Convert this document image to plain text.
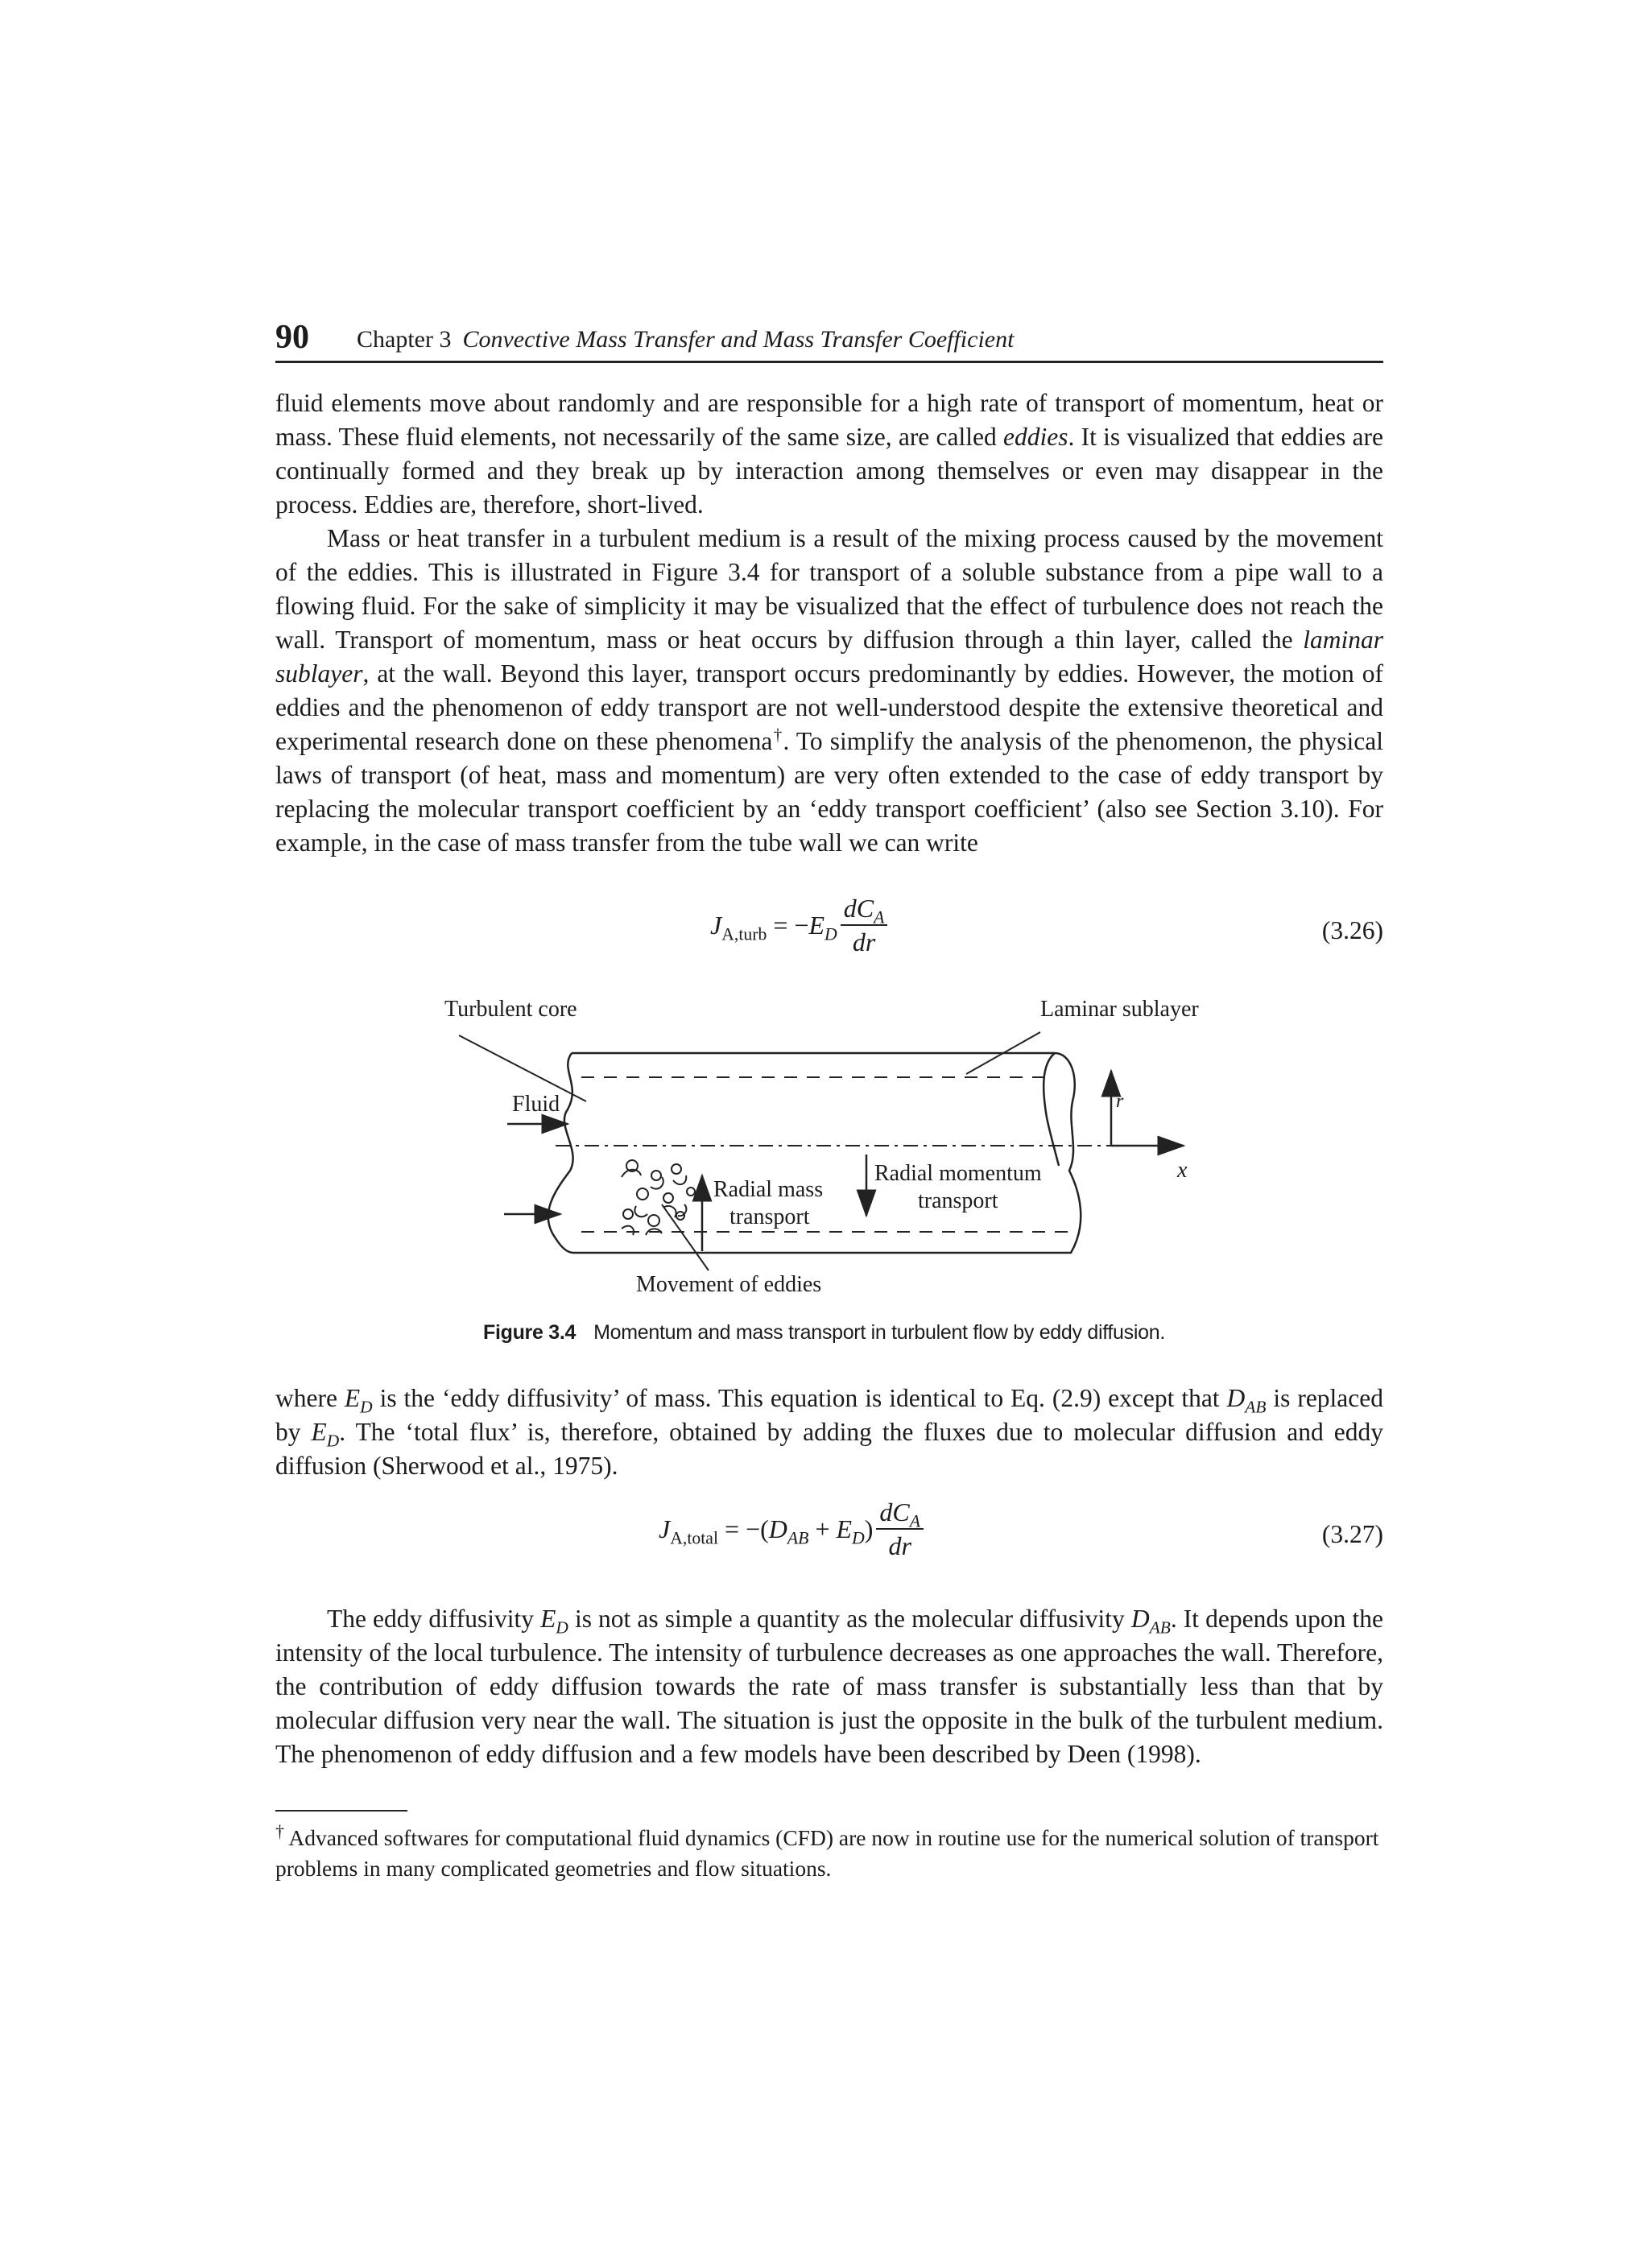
90 Chapter 3 Convective Mass Transfer and Mass Transfer Coefficient

fluid elements move about randomly and are responsible for a high rate of transport of momentum, heat or mass. These fluid elements, not necessarily of the same size, are called eddies. It is visualized that eddies are continually formed and they break up by interaction among themselves or even may disappear in the process. Eddies are, therefore, short-lived.

Mass or heat transfer in a turbulent medium is a result of the mixing process caused by the movement of the eddies. This is illustrated in Figure 3.4 for transport of a soluble substance from a pipe wall to a flowing fluid. For the sake of simplicity it may be visualized that the effect of turbulence does not reach the wall. Transport of momentum, mass or heat occurs by diffusion through a thin layer, called the laminar sublayer, at the wall. Beyond this layer, transport occurs predominantly by eddies. However, the motion of eddies and the phenomenon of eddy transport are not well-understood despite the extensive theoretical and experimental research done on these phenomena†. To simplify the analysis of the phenomenon, the physical laws of transport (of heat, mass and momentum) are very often extended to the case of eddy transport by replacing the molecular transport coefficient by an ‘eddy transport coefficient’ (also see Section 3.10). For example, in the case of mass transfer from the tube wall we can write

$J_{A,turb} = -E_D \frac{dC_A}{dr}$	(3.26)
Turbulent core	Laminar sublayer
Fluid	r
x
Radial mass
transport
Radial momentum
transport
Movement of eddies
Figure 3.4 Momentum and mass transport in turbulent flow by eddy diffusion.

where $E_D$ is the ‘eddy diffusivity’ of mass. This equation is identical to Eq. (2.9) except that $D_{AB}$ is replaced by $E_D$. The ‘total flux’ is, therefore, obtained by adding the fluxes due to molecular diffusion and eddy diffusion (Sherwood et al., 1975).

$J_{A,total} = -(D_{AB} + E_D) \frac{dC_A}{dr}$	(3.27)

The eddy diffusivity $E_D$ is not as simple a quantity as the molecular diffusivity $D_{AB}$. It depends upon the intensity of the local turbulence. The intensity of turbulence decreases as one approaches the wall. Therefore, the contribution of eddy diffusion towards the rate of mass transfer is substantially less than that by molecular diffusion very near the wall. The situation is just the opposite in the bulk of the turbulent medium. The phenomenon of eddy diffusion and a few models have been described by Deen (1998).

† Advanced softwares for computational fluid dynamics (CFD) are now in routine use for the numerical solution of transport problems in many complicated geometries and flow situations.
